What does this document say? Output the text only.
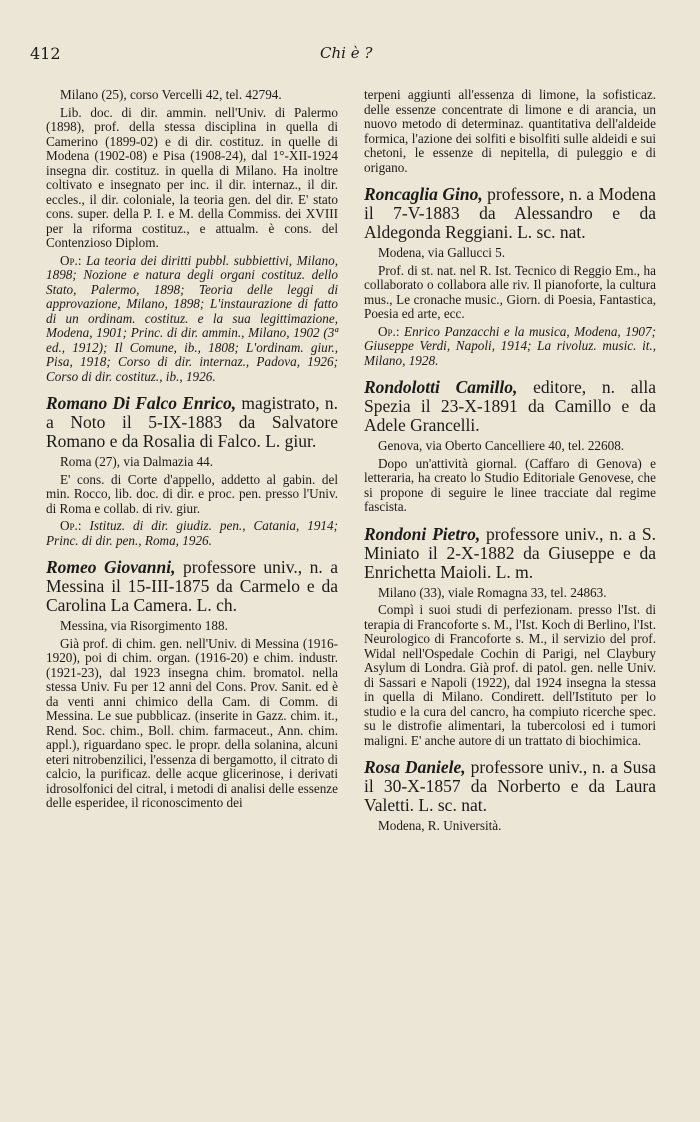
412	Chi è ?

Milano (25), corso Vercelli 42, tel. 42794.

Lib. doc. di dir. ammin. nell'Univ. di Palermo (1898), prof. della stessa disciplina in quella di Camerino (1899-02) e di dir. costituz. in quelle di Modena (1902-08) e Pisa (1908-24), dal 1°-XII-1924 insegna dir. costituz. in quella di Milano. Ha inoltre coltivato e insegnato per inc. il dir. internaz., il dir. eccles., il dir. coloniale, la teoria gen. del dir. E' stato cons. super. della P. I. e M. della Commiss. dei XVIII per la riforma costituz., e attualm. è cons. del Contenzioso Diplom.

Op.: La teoria dei diritti pubbl. subbiettivi, Milano, 1898; Nozione e natura degli organi costituz. dello Stato, Palermo, 1898; Teoria delle leggi di approvazione, Milano, 1898; L'instaurazione di fatto di un ordinam. costituz. e la sua legittimazione, Modena, 1901; Princ. di dir. ammin., Milano, 1902 (3ª ed., 1912); Il Comune, ib., 1808; L'ordinam. giur., Pisa, 1918; Corso di dir. internaz., Padova, 1926; Corso di dir. costituz., ib., 1926.

Romano Di Falco Enrico, magistrato, n. a Noto il 5-IX-1883 da Salvatore Romano e da Rosalia di Falco. L. giur.

Roma (27), via Dalmazia 44.

E' cons. di Corte d'appello, addetto al gabin. del min. Rocco, lib. doc. di dir. e proc. pen. presso l'Univ. di Roma e collab. di riv. giur.

Op.: Istituz. di dir. giudiz. pen., Catania, 1914; Princ. di dir. pen., Roma, 1926.

Romeo Giovanni, professore univ., n. a Messina il 15-III-1875 da Carmelo e da Carolina La Camera. L. ch.

Messina, via Risorgimento 188.

Già prof. di chim. gen. nell'Univ. di Messina (1916-1920), poi di chim. organ. (1916-20) e chim. industr. (1921-23), dal 1923 insegna chim. bromatol. nella stessa Univ. Fu per 12 anni del Cons. Prov. Sanit. ed è da venti anni chimico della Cam. di Comm. di Messina. Le sue pubblicaz. (inserite in Gazz. chim. it., Rend. Soc. chim., Boll. chim. farmaceut., Ann. chim. appl.), riguardano spec. le propr. della solanina, alcuni eteri nitrobenzilici, l'essenza di bergamotto, il citrato di calcio, la purificaz. delle acque glicerinose, i derivati idrosolfonici del citral, i metodi di analisi delle essenze delle esperidee, il riconoscimento dei

terpeni aggiunti all'essenza di limone, la sofisticaz. delle essenze concentrate di limone e di arancia, un nuovo metodo di determinaz. quantitativa dell'aldeide formica, l'azione dei solfiti e bisolfiti sulle aldeidi e sui chetoni, le essenze di nepitella, di puleggio e di origano.

Roncaglia Gino, professore, n. a Modena il 7-V-1883 da Alessandro e da Aldegonda Reggiani. L. sc. nat.

Modena, via Gallucci 5.

Prof. di st. nat. nel R. Ist. Tecnico di Reggio Em., ha collaborato o collabora alle riv. Il pianoforte, la cultura mus., Le cronache music., Giorn. di Poesia, Fantastica, Poesia ed arte, ecc.

Op.: Enrico Panzacchi e la musica, Modena, 1907; Giuseppe Verdi, Napoli, 1914; La rivoluz. music. it., Milano, 1928.

Rondolotti Camillo, editore, n. alla Spezia il 23-X-1891 da Camillo e da Adele Grancelli.

Genova, via Oberto Cancelliere 40, tel. 22608.

Dopo un'attività giornal. (Caffaro di Genova) e letteraria, ha creato lo Studio Editoriale Genovese, che si propone di seguire le linee tracciate dal regime fascista.

Rondoni Pietro, professore univ., n. a S. Miniato il 2-X-1882 da Giuseppe e da Enrichetta Maioli. L. m.

Milano (33), viale Romagna 33, tel. 24863.

Compì i suoi studi di perfezionam. presso l'Ist. di terapia di Francoforte s. M., l'Ist. Koch di Berlino, l'Ist. Neurologico di Francoforte s. M., il servizio del prof. Widal nell'Ospedale Cochin di Parigi, nel Claybury Asylum di Londra. Già prof. di patol. gen. nelle Univ. di Sassari e Napoli (1922), dal 1924 insegna la stessa in quella di Milano. Condirett. dell'Istituto per lo studio e la cura del cancro, ha compiuto ricerche spec. su le distrofie alimentari, la tubercolosi ed i tumori maligni. E' anche autore di un trattato di biochimica.

Rosa Daniele, professore univ., n. a Susa il 30-X-1857 da Norberto e da Laura Valetti. L. sc. nat.

Modena, R. Università.
